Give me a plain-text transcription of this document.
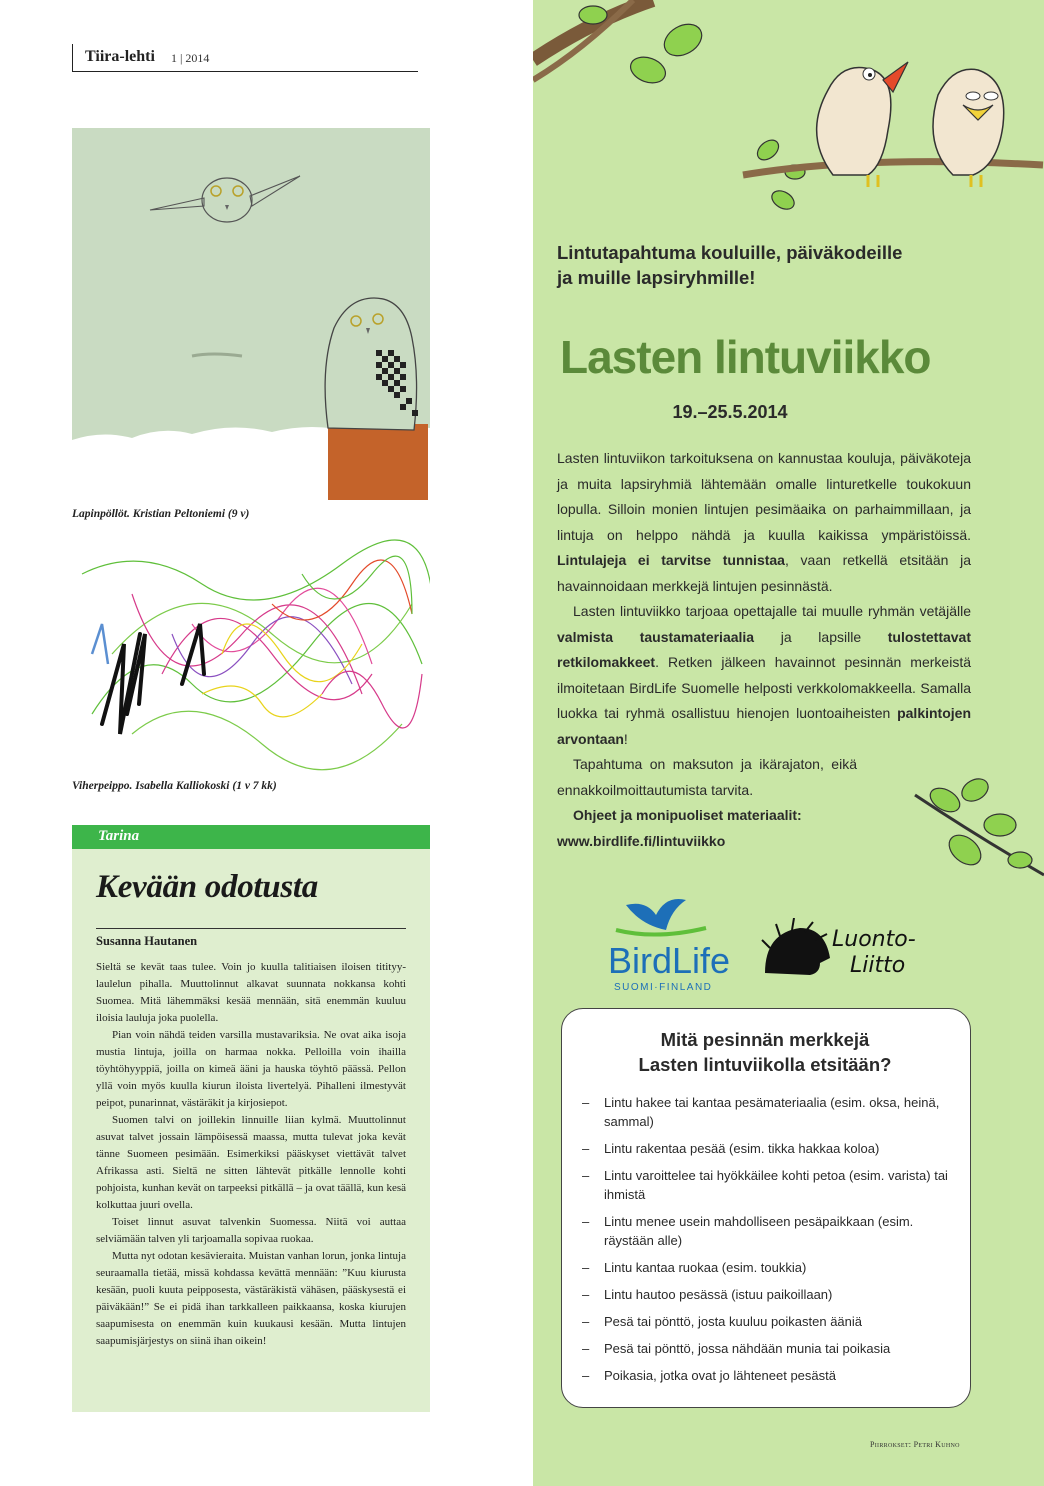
Tiira-lehti 1 | 2014
Lapinpöllöt. Kristian Peltoniemi (9 v)
Viherpeippo. Isabella Kalliokoski (1 v 7 kk)
Tarina
Kevään odotusta
Susanna Hautanen

Sieltä se kevät taas tulee. Voin jo kuulla talitiaisen iloisen titityy-laulelun pihalla. Muuttolinnut alkavat suunnata nokkansa kohti Suomea. Mitä lähemmäksi kesää mennään, sitä enemmän kuuluu iloisia lauluja joka puolella.

Pian voin nähdä teiden varsilla mustavariksia. Ne ovat aika isoja mustia lintuja, joilla on harmaa nokka. Pelloilla voin ihailla töyhtöhyyppiä, joilla on kimeä ääni ja hauska töyhtö päässä. Pellon yllä voin myös kuulla kiurun iloista livertelyä. Pihalleni ilmestyvät peipot, punarinnat, västäräkit ja kirjosiepot.

Suomen talvi on joillekin linnuille liian kylmä. Muuttolinnut asuvat talvet jossain lämpöisessä maassa, mutta tulevat joka kevät tänne Suomeen pesimään. Esimerkiksi pääskyset viettävät talvet Afrikassa asti. Sieltä ne sitten lähtevät pitkälle lennolle kohti pohjoista, kunhan kevät on tarpeeksi pitkällä – ja ovat täällä, kun kesä kolkuttaa juuri ovella.

Toiset linnut asuvat talvenkin Suomessa. Niitä voi auttaa selviämään talven yli tarjoamalla sopivaa ruokaa.

Mutta nyt odotan kesävieraita. Muistan vanhan lorun, jonka lintuja seuraamalla tietää, missä kohdassa kevättä mennään: ”Kuu kiurusta kesään, puoli kuuta peipposesta, västäräkistä vähäsen, pääskysestä ei päiväkään!” Se ei pidä ihan tarkkalleen paikkaansa, koska kiurujen saapumisesta on enemmän kuin kuukausi kesään. Mutta lintujen saapumisjärjestys on siinä ihan oikein!

Lintutapahtuma kouluille, päiväkodeille
ja muille lapsiryhmille!
Lasten lintuviikko
19.–25.5.2014

Lasten lintuviikon tarkoituksena on kannustaa kouluja, päiväkoteja ja muita lapsiryhmiä lähtemään omalle linturetkelle toukokuun lopulla. Silloin monien lintujen pesimäaika on parhaimmillaan, ja lintuja on helppo nähdä ja kuulla kaikissa ympäristöissä. Lintulajeja ei tarvitse tunnistaa, vaan retkellä etsitään ja havainnoidaan merkkejä lintujen pesinnästä.

Lasten lintuviikko tarjoaa opettajalle tai muulle ryhmän vetäjälle valmista taustamateriaalia ja lapsille tulostettavat retkilomakkeet. Retken jälkeen havainnot pesinnän merkeistä ilmoitetaan BirdLife Suomelle helposti verkkolomakkeella. Samalla luokka tai ryhmä osallistuu hienojen luontoaiheisten palkintojen arvontaan!

Tapahtuma on maksuton ja ikärajaton, eikä ennakkoilmoittautumista tarvita.

Ohjeet ja monipuoliset materiaalit:

www.birdlife.fi/lintuviikko

BirdLife
SUOMI·FINLAND
Luonto-
Liitto
Mitä pesinnän merkkejä
Lasten lintuviikolla etsitään?
– Lintu hakee tai kantaa pesämateriaalia (esim. oksa, heinä, sammal)
– Lintu rakentaa pesää (esim. tikka hakkaa koloa)
– Lintu varoittelee tai hyökkäilee kohti petoa (esim. varista) tai ihmistä
– Lintu menee usein mahdolliseen pesäpaikkaan (esim. räystään alle)
– Lintu kantaa ruokaa (esim. toukkia)
– Lintu hautoo pesässä (istuu paikoillaan)
– Pesä tai pönttö, josta kuuluu poikasten ääniä
– Pesä tai pönttö, jossa nähdään munia tai poikasia
– Poikasia, jotka ovat jo lähteneet pesästä
Piirrokset: Petri Kuhno
